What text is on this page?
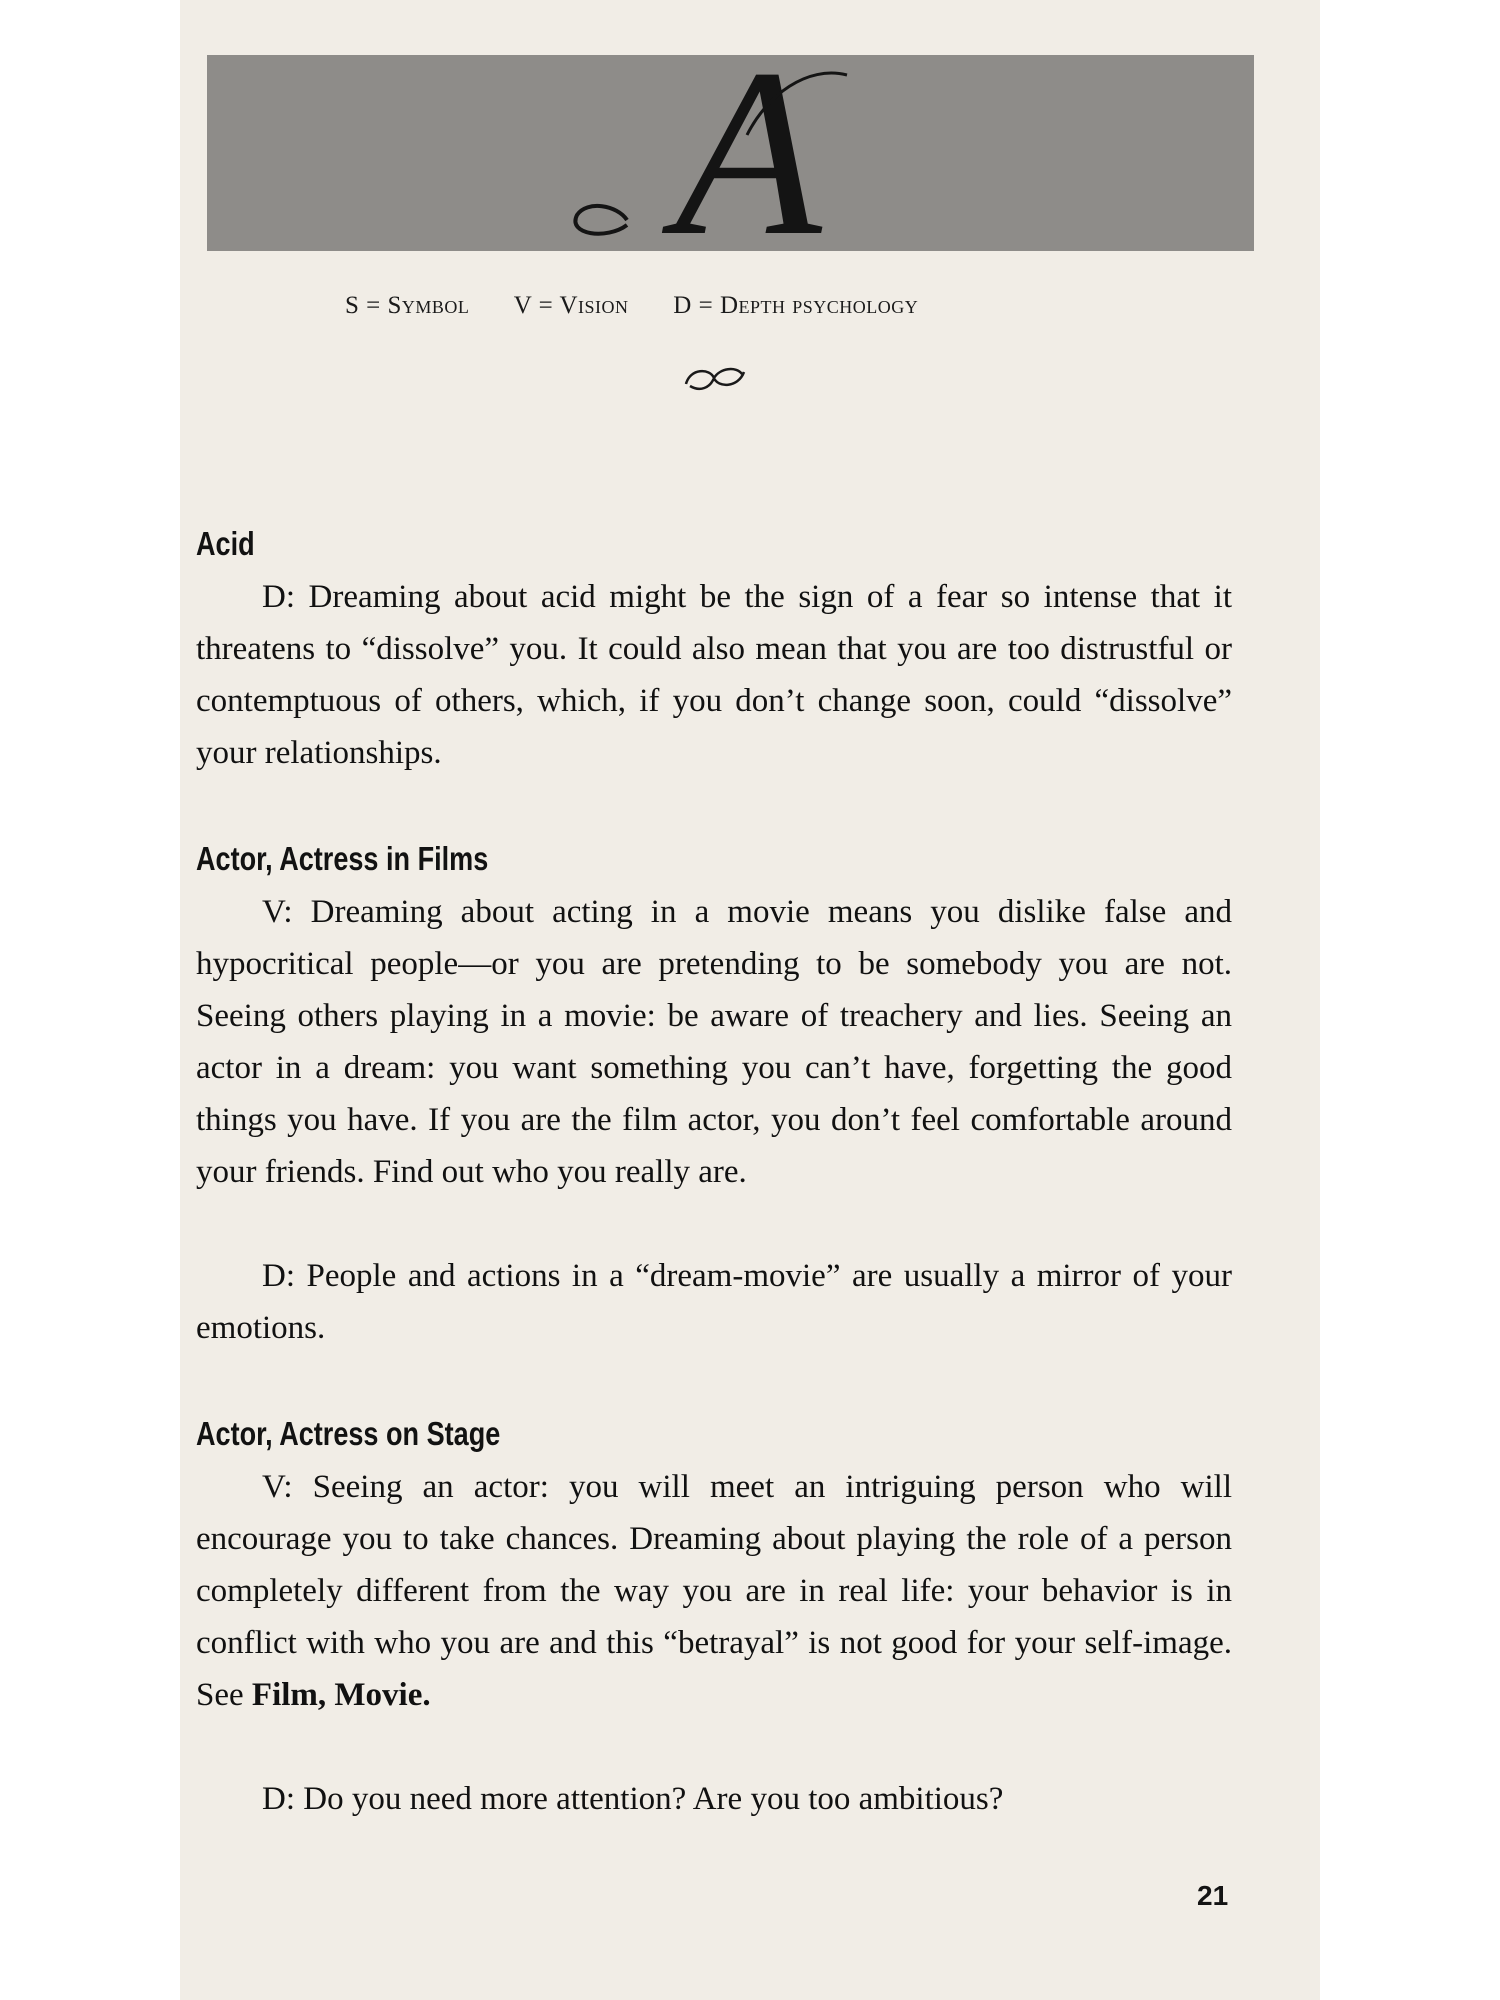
A
S = Symbol V = Vision D = Depth psychology
Acid
D: Dreaming about acid might be the sign of a fear so intense that it threatens to “dissolve” you. It could also mean that you are too distrustful or contemptuous of others, which, if you don’t change soon, could “dissolve” your relationships.
Actor, Actress in Films
V: Dreaming about acting in a movie means you dislike false and hypocritical people—or you are pretending to be somebody you are not. Seeing others playing in a movie: be aware of treachery and lies. Seeing an actor in a dream: you want something you can’t have, forgetting the good things you have. If you are the film actor, you don’t feel comfortable around your friends. Find out who you really are.
D: People and actions in a “dream-movie” are usually a mirror of your emotions.
Actor, Actress on Stage
V: Seeing an actor: you will meet an intriguing person who will encourage you to take chances. Dreaming about playing the role of a person completely different from the way you are in real life: your behavior is in conflict with who you are and this “betrayal” is not good for your self-image. See Film, Movie.
D: Do you need more attention? Are you too ambitious?
21
